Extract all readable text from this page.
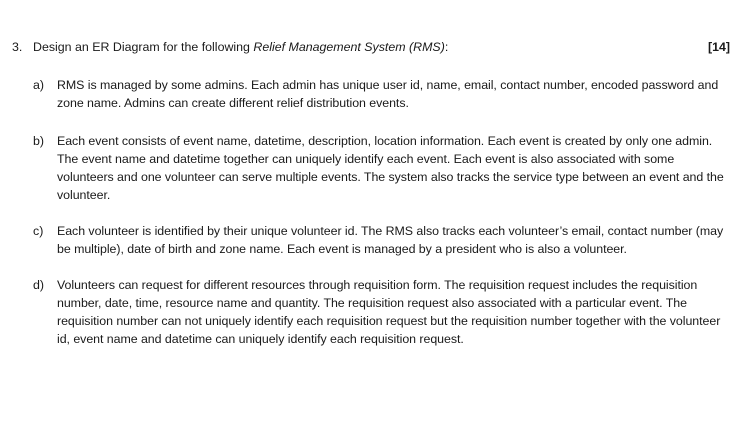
3. Design an ER Diagram for the following Relief Management System (RMS):	[14]
a) RMS is managed by some admins. Each admin has unique user id, name, email, contact number, encoded password and zone name. Admins can create different relief distribution events.

b) Each event consists of event name, datetime, description, location information. Each event is created by only one admin. The event name and datetime together can uniquely identify each event. Each event is also associated with some volunteers and one volunteer can serve multiple events. The system also tracks the service type between an event and the volunteer.

c) Each volunteer is identified by their unique volunteer id. The RMS also tracks each volunteer’s email, contact number (may be multiple), date of birth and zone name. Each event is managed by a president who is also a volunteer.

d) Volunteers can request for different resources through requisition form. The requisition request includes the requisition number, date, time, resource name and quantity. The requisition request also associated with a particular event. The requisition number can not uniquely identify each requisition request but the requisition number together with the volunteer id, event name and datetime can uniquely identify each requisition request.
